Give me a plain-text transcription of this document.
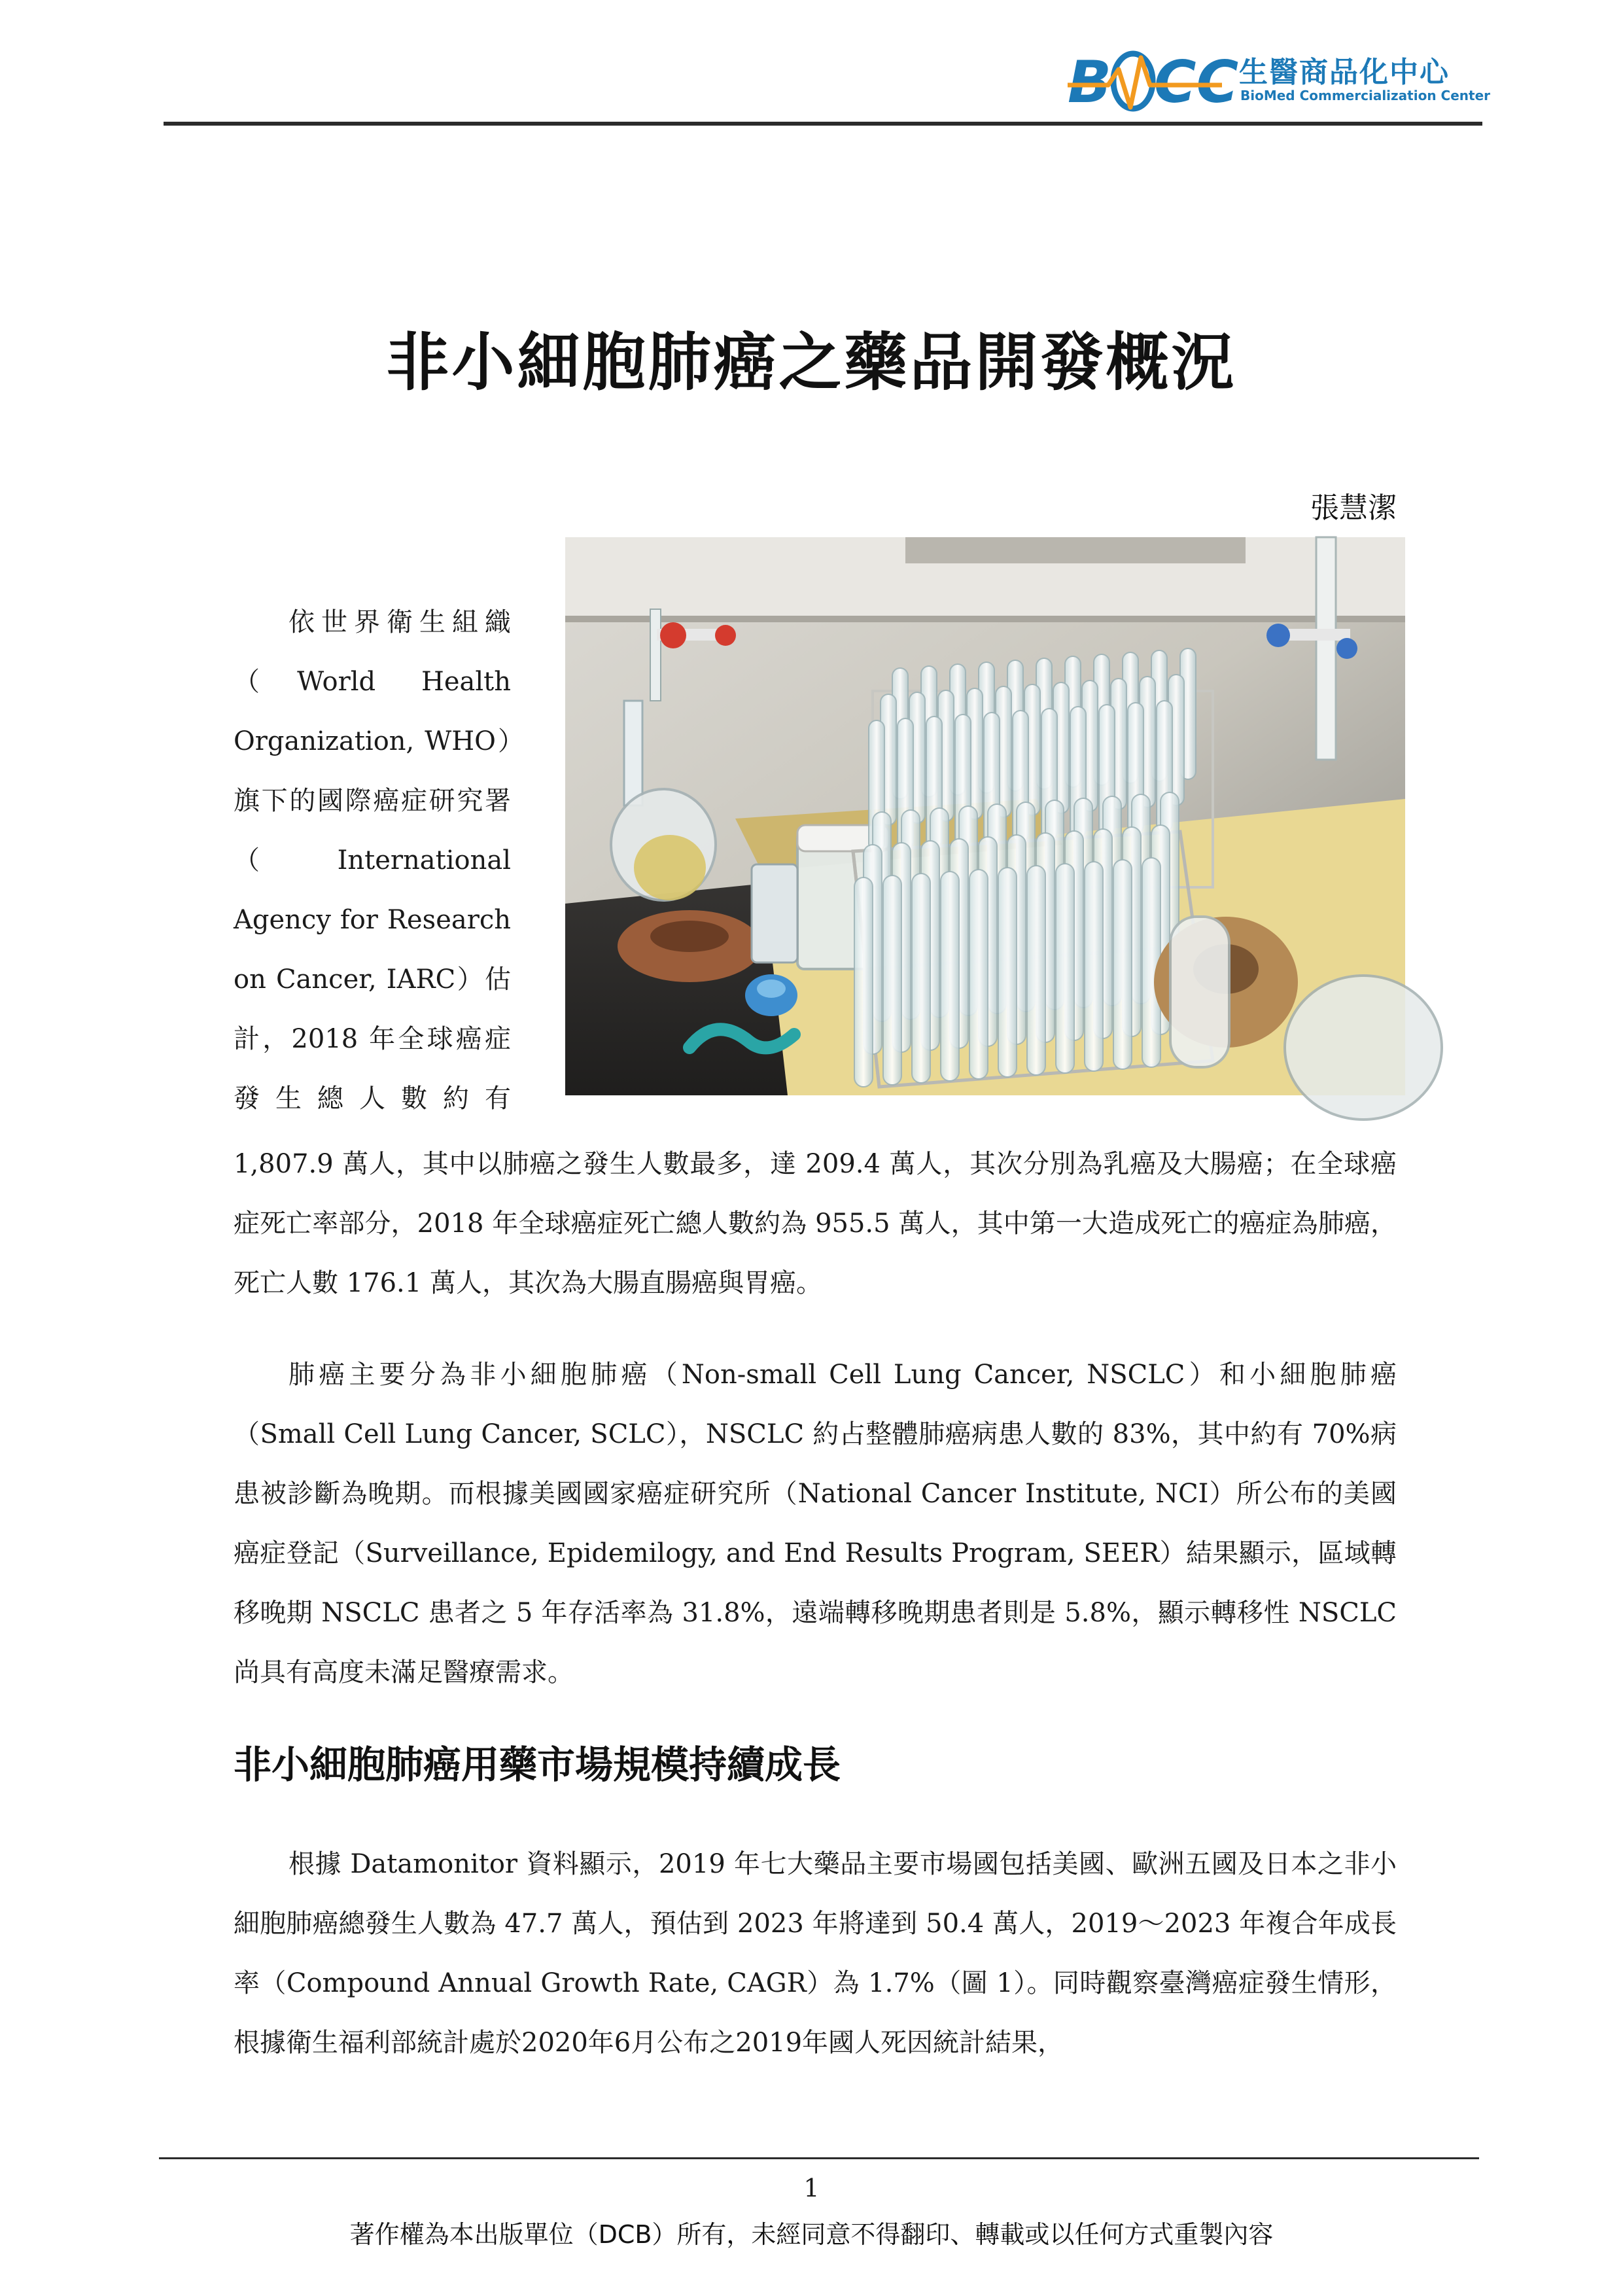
B CC 生醫商品化中心
BioMed Commercialization Center
非小細胞肺癌之藥品開發概況
張慧潔

依世界衛生組織（World Health Organization, WHO）旗下的國際癌症研究署（International Agency for Research on Cancer, IARC）估計，2018 年全球癌症發生總人數約有

1,807.9 萬人，其中以肺癌之發生人數最多，達 209.4 萬人，其次分別為乳癌及大腸癌；在全球癌症死亡率部分，2018 年全球癌症死亡總人數約為 955.5 萬人，其中第一大造成死亡的癌症為肺癌，死亡人數 176.1 萬人，其次為大腸直腸癌與胃癌。

肺癌主要分為非小細胞肺癌（Non-small Cell Lung Cancer, NSCLC）和小細胞肺癌（Small Cell Lung Cancer, SCLC），NSCLC 約占整體肺癌病患人數的 83%，其中約有 70%病患被診斷為晚期。而根據美國國家癌症研究所（National Cancer Institute, NCI）所公布的美國癌症登記（Surveillance, Epidemilogy, and End Results Program, SEER）結果顯示，區域轉移晚期 NSCLC 患者之 5 年存活率為 31.8%，遠端轉移晚期患者則是 5.8%，顯示轉移性 NSCLC 尚具有高度未滿足醫療需求。

非小細胞肺癌用藥市場規模持續成長

根據 Datamonitor 資料顯示，2019 年七大藥品主要市場國包括美國、歐洲五國及日本之非小細胞肺癌總發生人數為 47.7 萬人，預估到 2023 年將達到 50.4 萬人，2019～2023 年複合年成長率（Compound Annual Growth Rate, CAGR）為 1.7%（圖 1）。同時觀察臺灣癌症發生情形，根據衛生福利部統計處於2020年6月公布之2019年國人死因統計結果，

1
著作權為本出版單位（DCB）所有，未經同意不得翻印、轉載或以任何方式重製內容
